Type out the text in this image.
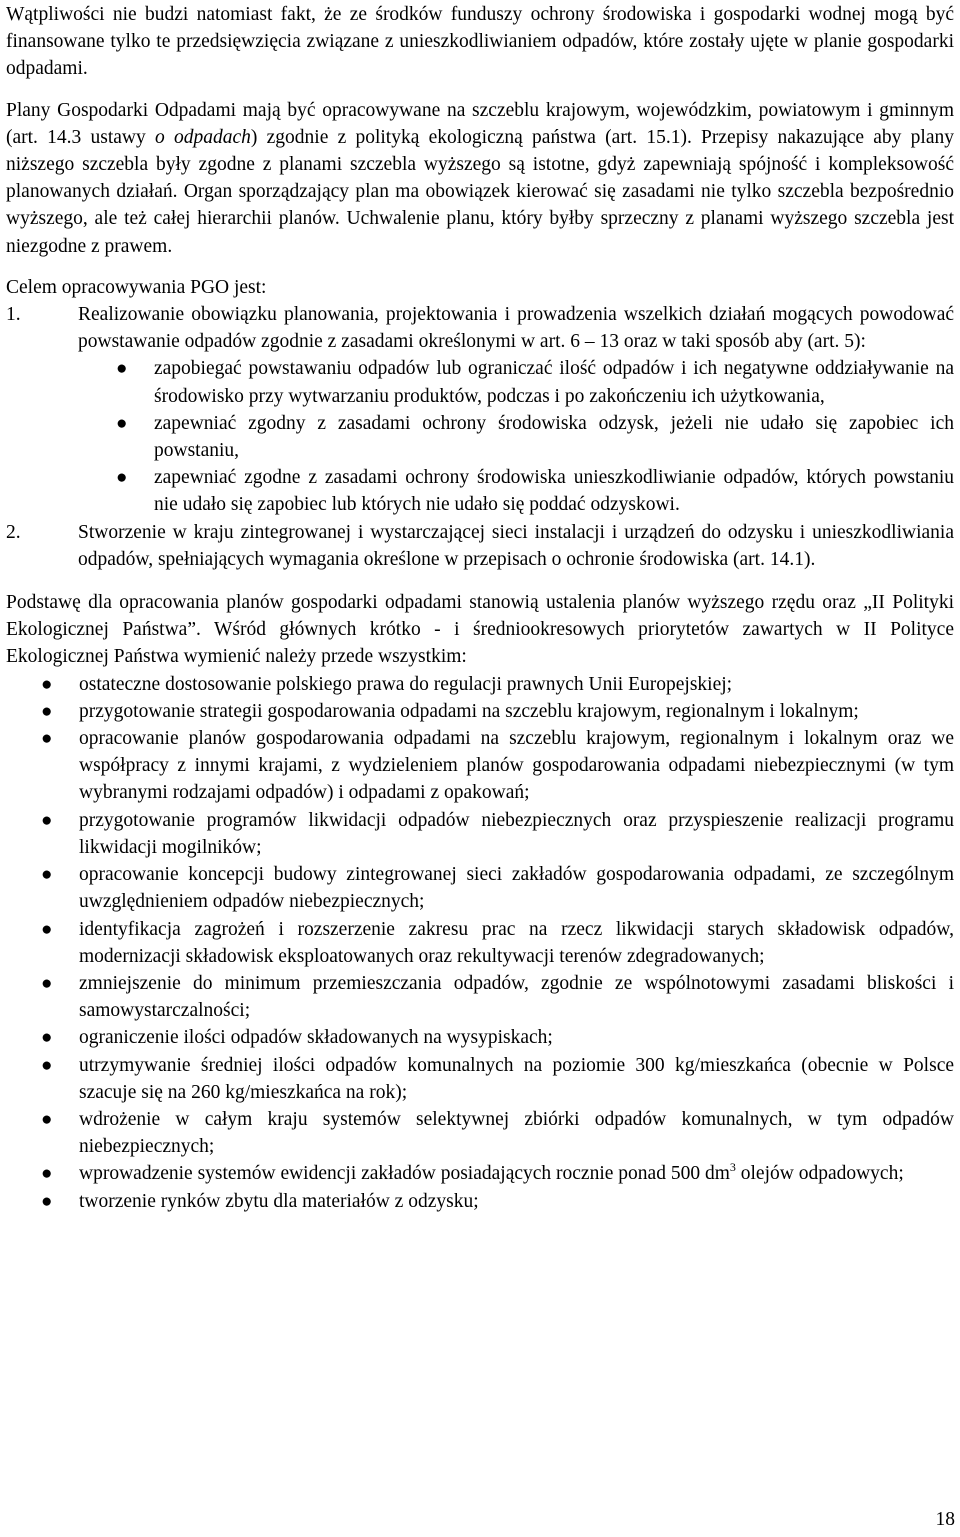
Wątpliwości nie budzi natomiast fakt, że ze środków funduszy ochrony środowiska i gospodarki wodnej mogą być finansowane tylko te przedsięwzięcia związane z unieszkodliwianiem odpadów, które zostały ujęte w planie gospodarki odpadami.

Plany Gospodarki Odpadami mają być opracowywane na szczeblu krajowym, wojewódzkim, powiatowym i gminnym (art. 14.3 ustawy o odpadach) zgodnie z polityką ekologiczną państwa (art. 15.1). Przepisy nakazujące aby plany niższego szczebla były zgodne z planami szczebla wyższego są istotne, gdyż zapewniają spójność i kompleksowość planowanych działań. Organ sporządzający plan ma obowiązek kierować się zasadami nie tylko szczebla bezpośrednio wyższego, ale też całej hierarchii planów. Uchwalenie planu, który byłby sprzeczny z planami wyższego szczebla jest niezgodne z prawem.

Celem opracowywania PGO jest:

1.	Realizowanie obowiązku planowania, projektowania i prowadzenia wszelkich działań mogących powodować powstawanie odpadów zgodnie z zasadami określonymi w art. 6 – 13 oraz w taki sposób aby (art. 5):
● zapobiegać powstawaniu odpadów lub ograniczać ilość odpadów i ich negatywne oddziaływanie na środowisko przy wytwarzaniu produktów, podczas i po zakończeniu ich użytkowania,
● zapewniać zgodny z zasadami ochrony środowiska odzysk, jeżeli nie udało się zapobiec ich powstaniu,
● zapewniać zgodne z zasadami ochrony środowiska unieszkodliwianie odpadów, których powstaniu nie udało się zapobiec lub których nie udało się poddać odzyskowi.
2.	Stworzenie w kraju zintegrowanej i wystarczającej sieci instalacji i urządzeń do odzysku i unieszkodliwiania odpadów, spełniających wymagania określone w przepisach o ochronie środowiska (art. 14.1).

Podstawę dla opracowania planów gospodarki odpadami stanowią ustalenia planów wyższego rzędu oraz „II Polityki Ekologicznej Państwa”. Wśród głównych krótko - i średniookresowych priorytetów zawartych w II Polityce Ekologicznej Państwa wymienić należy przede wszystkim:

● ostateczne dostosowanie polskiego prawa do regulacji prawnych Unii Europejskiej;
● przygotowanie strategii gospodarowania odpadami na szczeblu krajowym, regionalnym i lokalnym;
● opracowanie planów gospodarowania odpadami na szczeblu krajowym, regionalnym i lokalnym oraz we współpracy z innymi krajami, z wydzieleniem planów gospodarowania odpadami niebezpiecznymi (w tym wybranymi rodzajami odpadów) i odpadami z opakowań;
● przygotowanie programów likwidacji odpadów niebezpiecznych oraz przyspieszenie realizacji programu likwidacji mogilników;
● opracowanie koncepcji budowy zintegrowanej sieci zakładów gospodarowania odpadami, ze szczególnym uwzględnieniem odpadów niebezpiecznych;
● identyfikacja zagrożeń i rozszerzenie zakresu prac na rzecz likwidacji starych składowisk odpadów, modernizacji składowisk eksploatowanych oraz rekultywacji terenów zdegradowanych;
● zmniejszenie do minimum przemieszczania odpadów, zgodnie ze wspólnotowymi zasadami bliskości i samowystarczalności;
● ograniczenie ilości odpadów składowanych na wysypiskach;
● utrzymywanie średniej ilości odpadów komunalnych na poziomie 300 kg/mieszkańca (obecnie w Polsce szacuje się na 260 kg/mieszkańca na rok);
● wdrożenie w całym kraju systemów selektywnej zbiórki odpadów komunalnych, w tym odpadów niebezpiecznych;
● wprowadzenie systemów ewidencji zakładów posiadających rocznie ponad 500 $dm^3$ olejów odpadowych;
● tworzenie rynków zbytu dla materiałów z odzysku;
18
